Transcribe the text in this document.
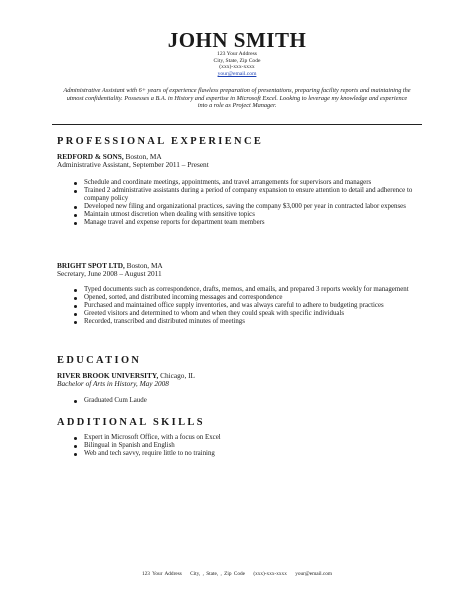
JOHN SMITH
123 Your Address
City, State, Zip Code
(xxx)-xxx-xxxx
your@email.com
Administrative Assistant with 6+ years of experience flawless preparation of presentations, preparing facility reports and maintaining the utmost confidentiality. Possesses a B.A. in History and expertise in Microsoft Excel. Looking to leverage my knowledge and experience into a role as Project Manager.
PROFESSIONAL EXPERIENCE
REDFORD & SONS, Boston, MA
Administrative Assistant, September 2011 – Present
Schedule and coordinate meetings, appointments, and travel arrangements for supervisors and managers
Trained 2 administrative assistants during a period of company expansion to ensure attention to detail and adherence to company policy
Developed new filing and organizational practices, saving the company $3,000 per year in contracted labor expenses
Maintain utmost discretion when dealing with sensitive topics
Manage travel and expense reports for department team members
BRIGHT SPOT LTD, Boston, MA
Secretary, June 2008 – August 2011
Typed documents such as correspondence, drafts, memos, and emails, and prepared 3 reports weekly for management
Opened, sorted, and distributed incoming messages and correspondence
Purchased and maintained office supply inventories, and was always careful to adhere to budgeting practices
Greeted visitors and determined to whom and when they could speak with specific individuals
Recorded, transcribed and distributed minutes of meetings
EDUCATION
RIVER BROOK UNIVERSITY, Chicago, IL
Bachelor of Arts in History, May 2008
Graduated Cum Laude
ADDITIONAL SKILLS
Expert in Microsoft Office, with a focus on Excel
Bilingual in Spanish and English
Web and tech savvy, require little to no training
123 Your Address City, , State, , Zip Code (xxx)-xxx-xxxx your@email.com
